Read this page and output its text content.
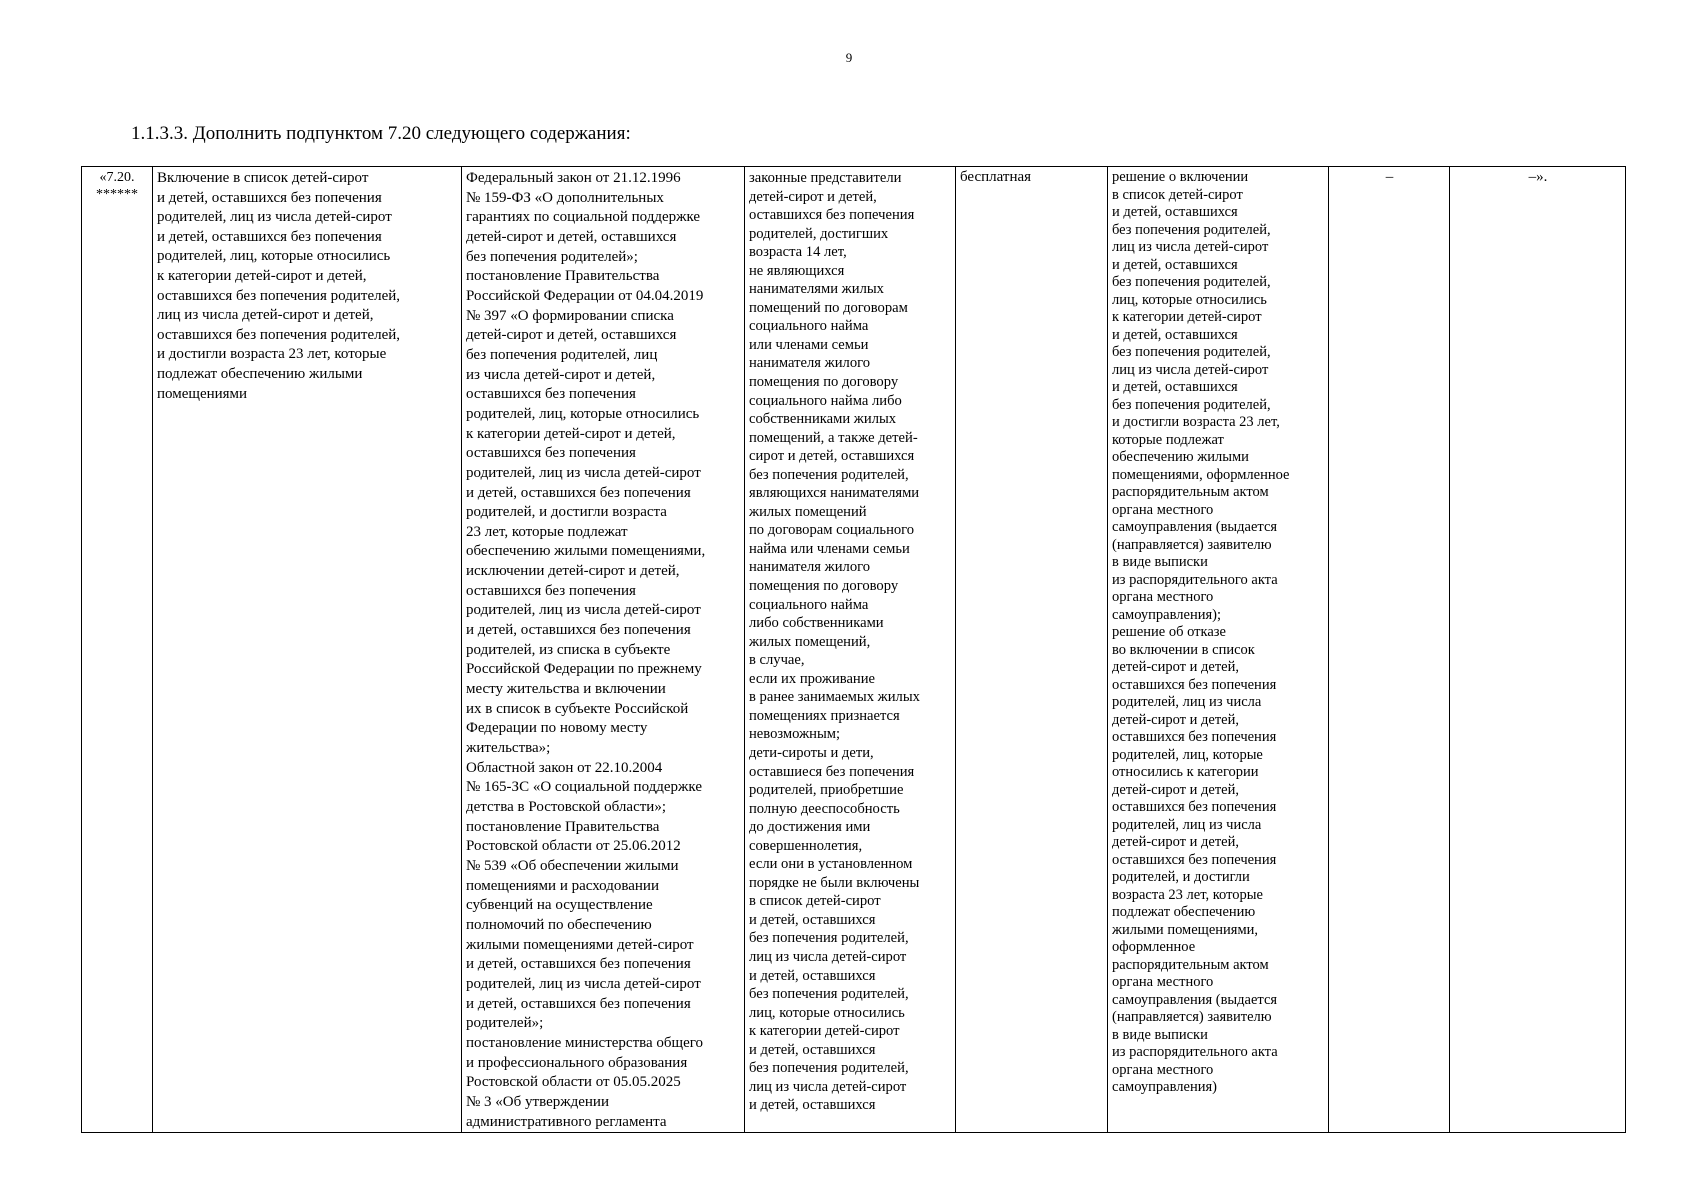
9
1.1.3.3. Дополнить подпунктом 7.20 следующего содержания:
«7.20.
******	Включение в список детей-сирот
и детей, оставшихся без попечения
родителей, лиц из числа детей-сирот
и детей, оставшихся без попечения
родителей, лиц, которые относились
к категории детей-сирот и детей,
оставшихся без попечения родителей,
лиц из числа детей-сирот и детей,
оставшихся без попечения родителей,
и достигли возраста 23 лет, которые
подлежат обеспечению жилыми
помещениями	Федеральный закон от 21.12.1996
№ 159-ФЗ «О дополнительных
гарантиях по социальной поддержке
детей-сирот и детей, оставшихся
без попечения родителей»;
постановление Правительства
Российской Федерации от 04.04.2019
№ 397 «О формировании списка
детей-сирот и детей, оставшихся
без попечения родителей, лиц
из числа детей-сирот и детей,
оставшихся без попечения
родителей, лиц, которые относились
к категории детей-сирот и детей,
оставшихся без попечения
родителей, лиц из числа детей-сирот
и детей, оставшихся без попечения
родителей, и достигли возраста
23 лет, которые подлежат
обеспечению жилыми помещениями,
исключении детей-сирот и детей,
оставшихся без попечения
родителей, лиц из числа детей-сирот
и детей, оставшихся без попечения
родителей, из списка в субъекте
Российской Федерации по прежнему
месту жительства и включении
их в список в субъекте Российской
Федерации по новому месту
жительства»;
Областной закон от 22.10.2004
№ 165-ЗС «О социальной поддержке
детства в Ростовской области»;
постановление Правительства
Ростовской области от 25.06.2012
№ 539 «Об обеспечении жилыми
помещениями и расходовании
субвенций на осуществление
полномочий по обеспечению
жилыми помещениями детей-сирот
и детей, оставшихся без попечения
родителей, лиц из числа детей-сирот
и детей, оставшихся без попечения
родителей»;
постановление министерства общего
и профессионального образования
Ростовской области от 05.05.2025
№ 3 «Об утверждении
административного регламента	законные представители
детей-сирот и детей,
оставшихся без попечения
родителей, достигших
возраста 14 лет,
не являющихся
нанимателями жилых
помещений по договорам
социального найма
или членами семьи
нанимателя жилого
помещения по договору
социального найма либо
собственниками жилых
помещений, а также детей-
сирот и детей, оставшихся
без попечения родителей,
являющихся нанимателями
жилых помещений
по договорам социального
найма или членами семьи
нанимателя жилого
помещения по договору
социального найма
либо собственниками
жилых помещений,
в случае,
если их проживание
в ранее занимаемых жилых
помещениях признается
невозможным;
дети-сироты и дети,
оставшиеся без попечения
родителей, приобретшие
полную дееспособность
до достижения ими
совершеннолетия,
если они в установленном
порядке не были включены
в список детей-сирот
и детей, оставшихся
без попечения родителей,
лиц из числа детей-сирот
и детей, оставшихся
без попечения родителей,
лиц, которые относились
к категории детей-сирот
и детей, оставшихся
без попечения родителей,
лиц из числа детей-сирот
и детей, оставшихся	бесплатная	решение о включении
в список детей-сирот
и детей, оставшихся
без попечения родителей,
лиц из числа детей-сирот
и детей, оставшихся
без попечения родителей,
лиц, которые относились
к категории детей-сирот
и детей, оставшихся
без попечения родителей,
лиц из числа детей-сирот
и детей, оставшихся
без попечения родителей,
и достигли возраста 23 лет,
которые подлежат
обеспечению жилыми
помещениями, оформленное
распорядительным актом
органа местного
самоуправления (выдается
(направляется) заявителю
в виде выписки
из распорядительного акта
органа местного
самоуправления);
решение об отказе
во включении в список
детей-сирот и детей,
оставшихся без попечения
родителей, лиц из числа
детей-сирот и детей,
оставшихся без попечения
родителей, лиц, которые
относились к категории
детей-сирот и детей,
оставшихся без попечения
родителей, лиц из числа
детей-сирот и детей,
оставшихся без попечения
родителей, и достигли
возраста 23 лет, которые
подлежат обеспечению
жилыми помещениями,
оформленное
распорядительным актом
органа местного
самоуправления (выдается
(направляется) заявителю
в виде выписки
из распорядительного акта
органа местного
самоуправления)	–	–».
